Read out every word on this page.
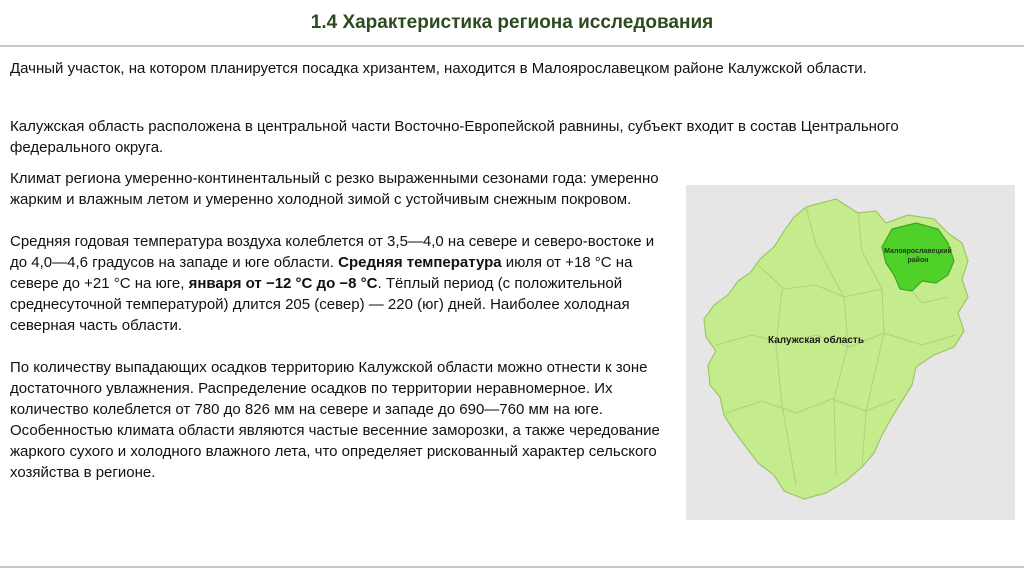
1.4 Характеристика региона исследования

Дачный участок, на котором планируется посадка хризантем, находится в Малоярославецком районе Калужской области.

Калужская область расположена в центральной части Восточно-Европейской равнины, субъект входит в состав Центрального федерального округа.

Климат региона умеренно-континентальный с резко выраженными сезонами года: умеренно жарким и влажным летом и умеренно холодной зимой с устойчивым снежным покровом.

Средняя годовая температура воздуха колеблется от 3,5—4,0 на севере и северо-востоке и до 4,0—4,6 градусов на западе и юге области. Средняя температура июля от +18 °С на севере до +21 °С на юге, января от −12 °С до −8 °С. Тёплый период (с положительной среднесуточной температурой) длится 205 (север) — 220 (юг) дней. Наиболее холодная северная часть области.

По количеству выпадающих осадков территорию Калужской области можно отнести к зоне достаточного увлажнения. Распределение осадков по территории неравномерное. Их количество колеблется от 780 до 826 мм на севере и западе до 690—760 мм на юге. Особенностью климата области являются частые весенние заморозки, а также чередование жаркого сухого и холодного влажного лета, что определяет рискованный характер сельского хозяйства в регионе.

Малоярославецкий
район
Калужская область
